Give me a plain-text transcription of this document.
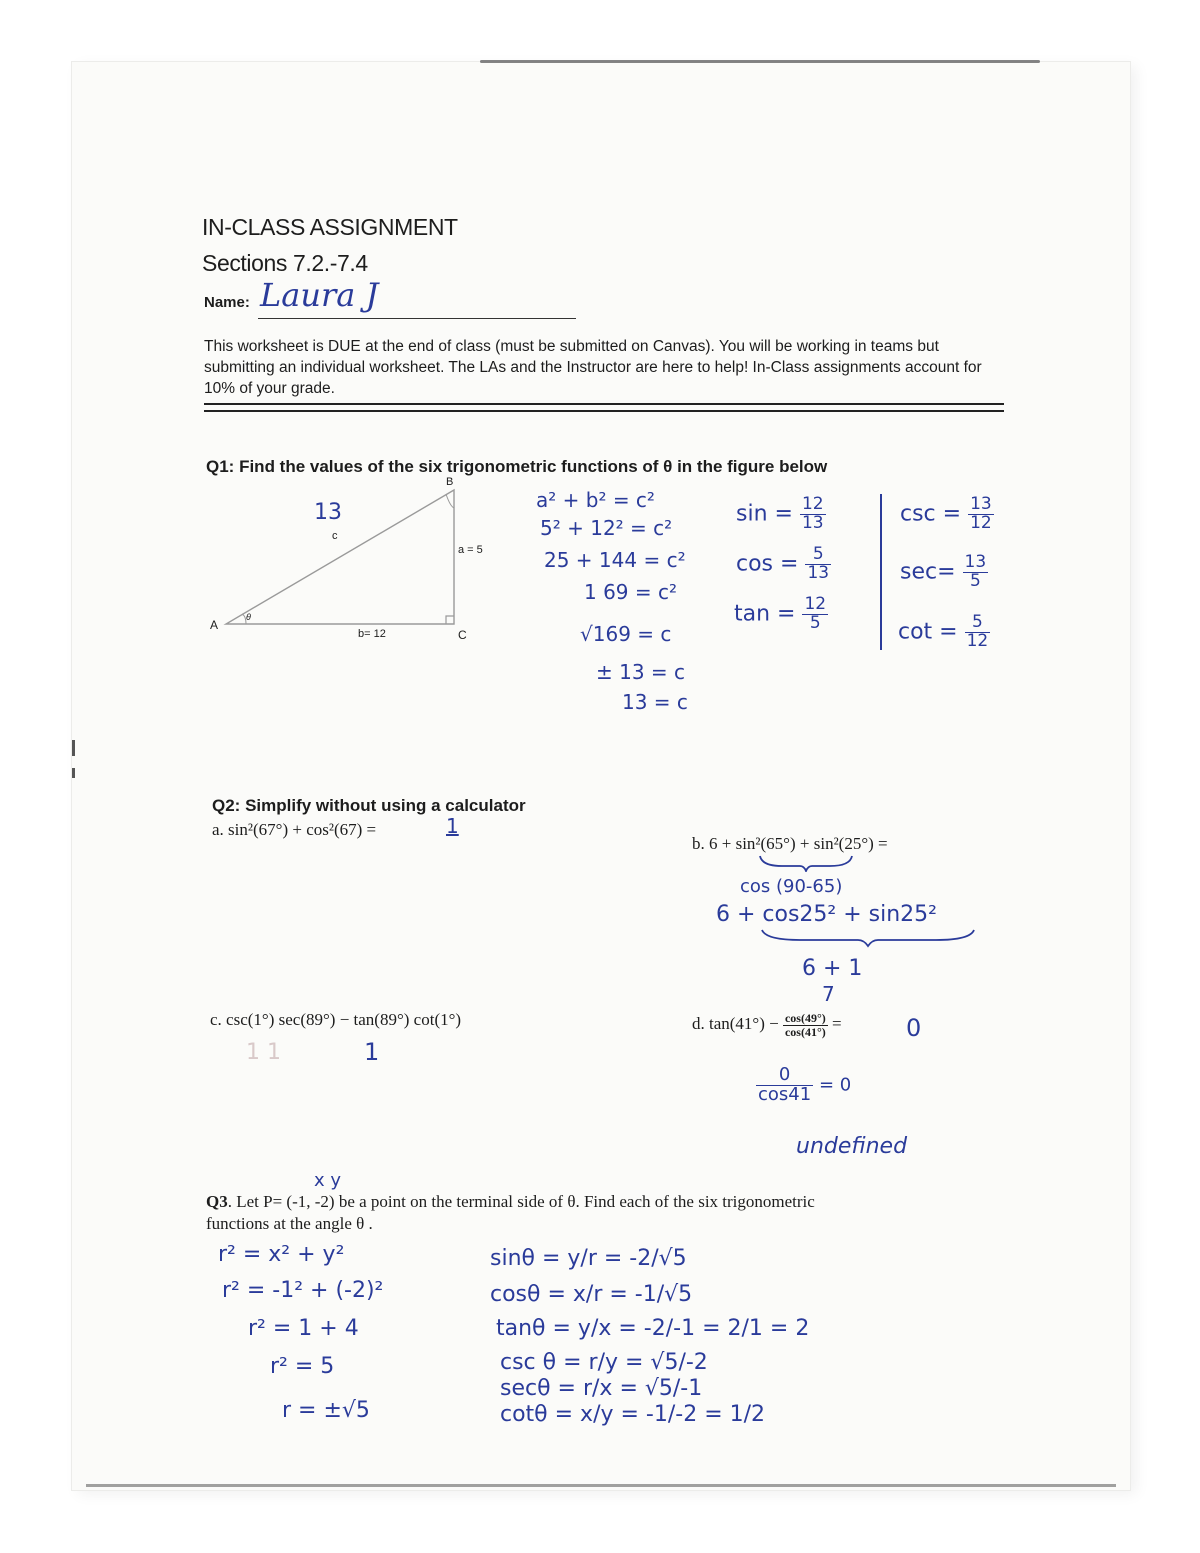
IN-CLASS ASSIGNMENT
Sections 7.2.-7.4
Name: Laura J
This worksheet is DUE at the end of class (must be submitted on Canvas). You will be working in teams but submitting an individual worksheet. The LAs and the Instructor are here to help! In-Class assignments account for 10% of your grade.
Q1: Find the values of the six trigonometric functions of θ in the figure below
B
A
C
c
a = 5
b= 12
θ
13	a² + b² = c²
5² + 12² = c²
25 + 144 = c²
1 69 = c²
√169 = c
± 13 = c
13 = c
$\sin = \frac{12}{13}$
$\cos = \frac{5}{13}$
$\tan = \frac{12}{5}$
$\csc = \frac{13}{12}$
$\sec= \frac{13}{5}$
$\cot = \frac{5}{12}$
Q2: Simplify without using a calculator
a. sin²(67°) + cos²(67) =	1
b. 6 + sin²(65°) + sin²(25°) =
cos (90-65)
6 + cos25² + sin25²
6 + 1
7
c. csc(1°) sec(89°) − tan(89°) cot(1°)
1 1	1
d. $\tan(41^\circ) - \frac{\cos(49^\circ)}{\cos(41^\circ)}$ =	0
$\frac{0}{\cos 41} = 0$
undefined
x y
Q3. Let P= (-1, -2) be a point on the terminal side of θ. Find each of the six trigonometric
functions at the angle θ .
r² = x² + y²
r² = -1² + (-2)²
r² = 1 + 4
r² = 5
r = ±√5
sinθ = y/r = -2/√5
cosθ = x/r = -1/√5
tanθ = y/x = -2/-1 = 2/1 = 2
csc θ = r/y = √5/-2
secθ = r/x = √5/-1
cotθ = x/y = -1/-2 = 1/2
